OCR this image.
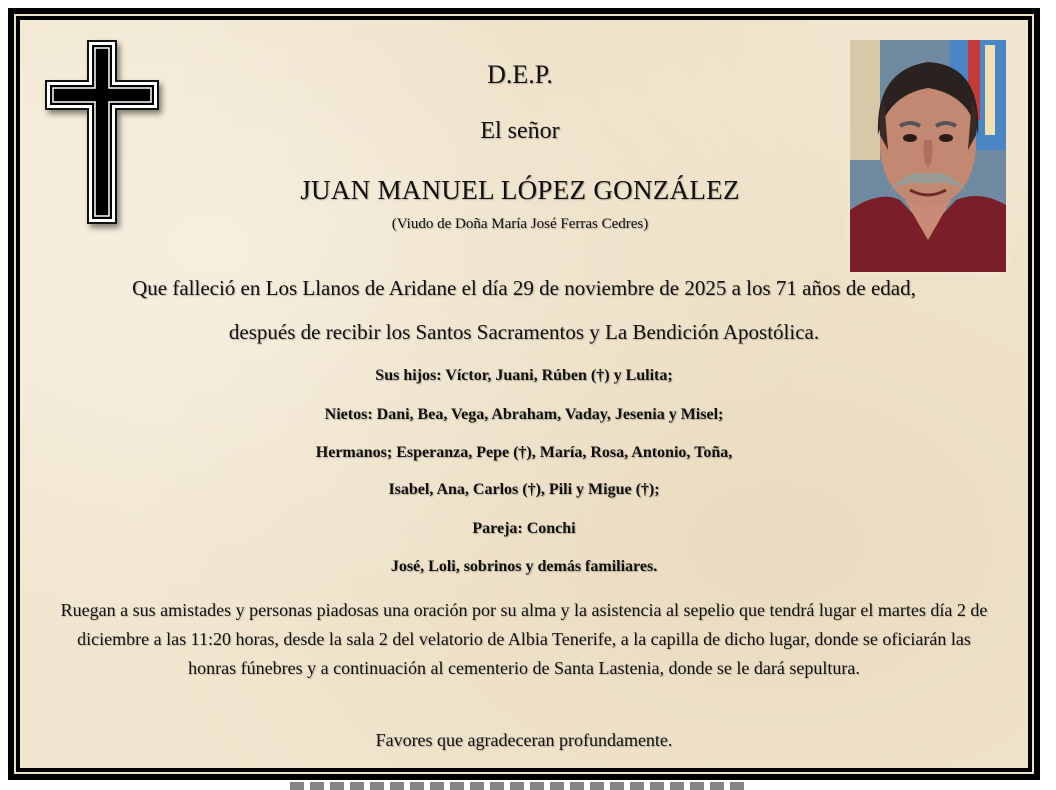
D.E.P.
El señor
JUAN MANUEL LÓPEZ GONZÁLEZ
(Viudo de Doña María José Ferras Cedres)
Que falleció en Los Llanos de Aridane el día 29 de noviembre de 2025 a los 71 años de edad,
después de recibir los Santos Sacramentos y La Bendición Apostólica.
Sus hijos: Víctor, Juani, Rúben (†) y Lulita;
Nietos: Dani, Bea, Vega, Abraham, Vaday, Jesenia y Misel;
Hermanos; Esperanza, Pepe (†), María, Rosa, Antonio, Toña,
Isabel, Ana, Carlos (†), Pili y Migue (†);
Pareja: Conchi
José, Loli, sobrinos y demás familiares.
Ruegan a sus amistades y personas piadosas una oración por su alma y la asistencia al sepelio que tendrá lugar el martes día 2 de diciembre a las 11:20 horas, desde la sala 2 del velatorio de Albia Tenerife, a la capilla de dicho lugar, donde se oficiarán las honras fúnebres y a continuación al cementerio de Santa Lastenia, donde se le dará sepultura.
Favores que agradeceran profundamente.
